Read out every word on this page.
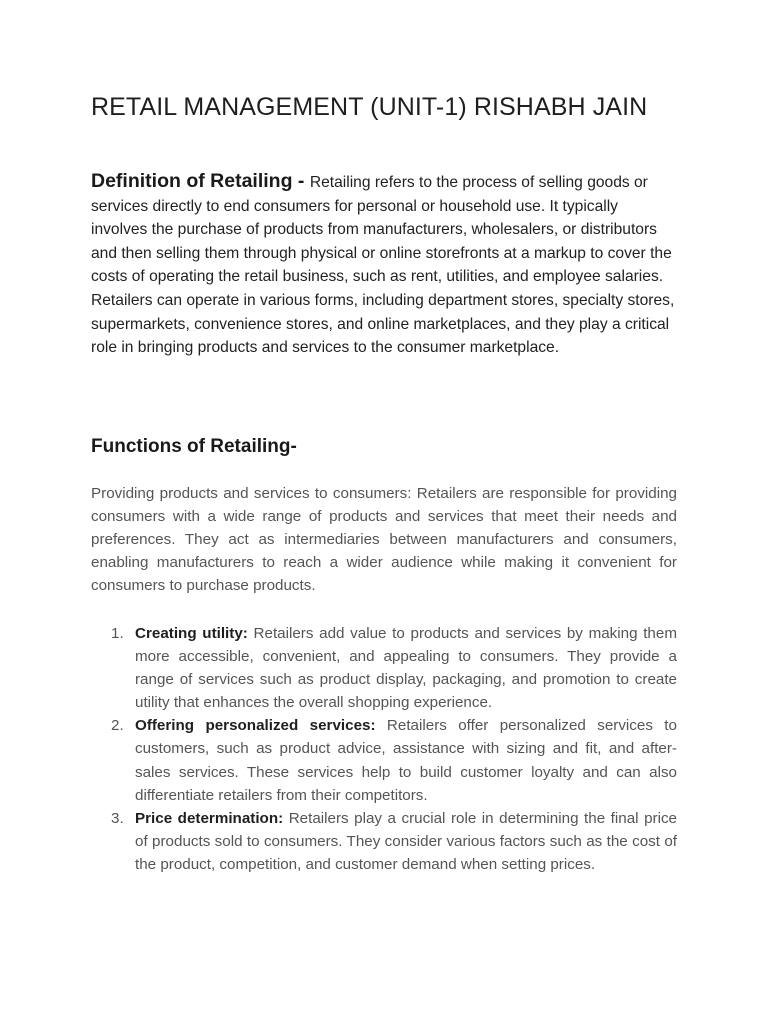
RETAIL MANAGEMENT (UNIT-1) RISHABH JAIN

Definition of Retailing - Retailing refers to the process of selling goods or services directly to end consumers for personal or household use. It typically involves the purchase of products from manufacturers, wholesalers, or distributors and then selling them through physical or online storefronts at a markup to cover the costs of operating the retail business, such as rent, utilities, and employee salaries. Retailers can operate in various forms, including department stores, specialty stores, supermarkets, convenience stores, and online marketplaces, and they play a critical role in bringing products and services to the consumer marketplace.

Functions of Retailing-

Providing products and services to consumers: Retailers are responsible for providing consumers with a wide range of products and services that meet their needs and preferences. They act as intermediaries between manufacturers and consumers, enabling manufacturers to reach a wider audience while making it convenient for consumers to purchase products.

1. Creating utility: Retailers add value to products and services by making them more accessible, convenient, and appealing to consumers. They provide a range of services such as product display, packaging, and promotion to create utility that enhances the overall shopping experience.
2. Offering personalized services: Retailers offer personalized services to customers, such as product advice, assistance with sizing and fit, and after-sales services. These services help to build customer loyalty and can also differentiate retailers from their competitors.
3. Price determination: Retailers play a crucial role in determining the final price of products sold to consumers. They consider various factors such as the cost of the product, competition, and customer demand when setting prices.
